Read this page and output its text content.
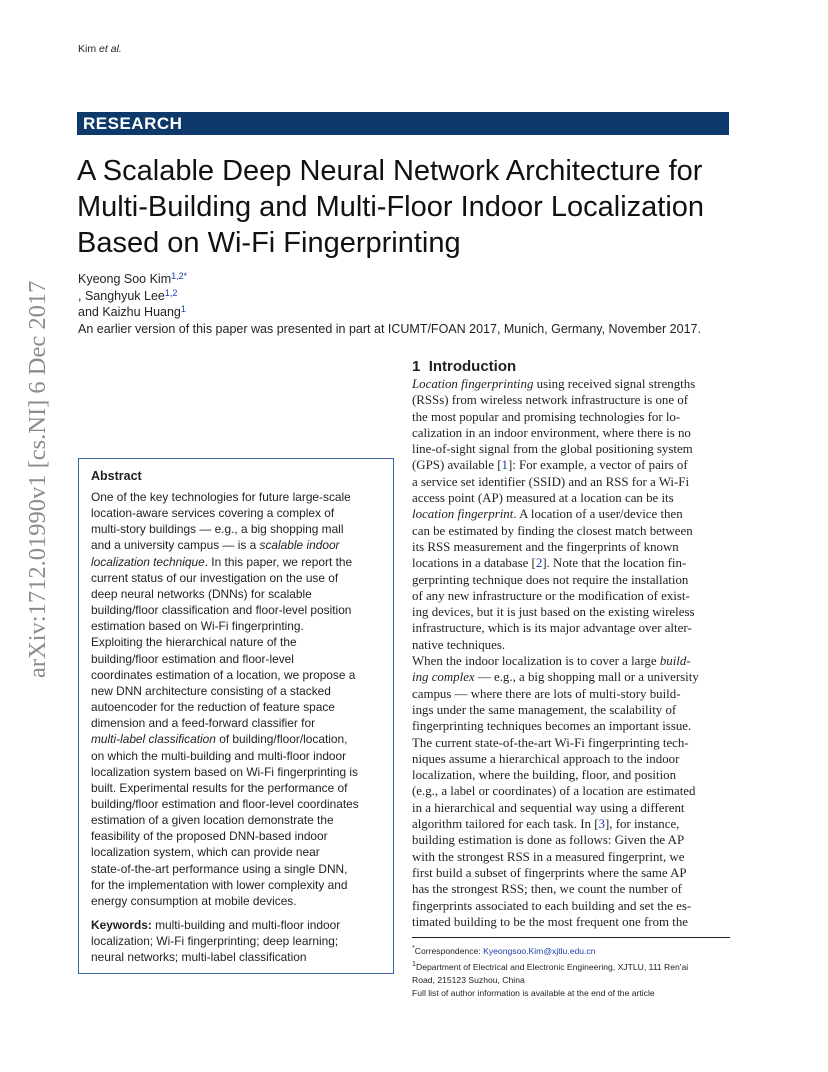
Kim et al.
RESEARCH
A Scalable Deep Neural Network Architecture for
Multi-Building and Multi-Floor Indoor Localization
Based on Wi-Fi Fingerprinting
Kyeong Soo Kim$^{1,2*}$
, Sanghyuk Lee$^{1,2}$
and Kaizhu Huang$^1$
An earlier version of this paper was presented in part at ICUMT/FOAN 2017, Munich, Germany, November 2017.
arXiv:1712.01990v1 [cs.NI] 6 Dec 2017	Abstract
One of the key technologies for future large-scale
location-aware services covering a complex of
multi-story buildings — e.g., a big shopping mall
and a university campus — is a scalable indoor
localization technique. In this paper, we report the
current status of our investigation on the use of
deep neural networks (DNNs) for scalable
building/floor classification and floor-level position
estimation based on Wi-Fi fingerprinting.
Exploiting the hierarchical nature of the
building/floor estimation and floor-level
coordinates estimation of a location, we propose a
new DNN architecture consisting of a stacked
autoencoder for the reduction of feature space
dimension and a feed-forward classifier for
multi-label classification of building/floor/location,
on which the multi-building and multi-floor indoor
localization system based on Wi-Fi fingerprinting is
built. Experimental results for the performance of
building/floor estimation and floor-level coordinates
estimation of a given location demonstrate the
feasibility of the proposed DNN-based indoor
localization system, which can provide near
state-of-the-art performance using a single DNN,
for the implementation with lower complexity and
energy consumption at mobile devices.
Keywords: multi-building and multi-floor indoor
localization; Wi-Fi fingerprinting; deep learning;
neural networks; multi-label classification
1 Introduction
Location fingerprinting using received signal strengths
(RSSs) from wireless network infrastructure is one of
the most popular and promising technologies for lo-
calization in an indoor environment, where there is no
line-of-sight signal from the global positioning system
(GPS) available [1]: For example, a vector of pairs of
a service set identifier (SSID) and an RSS for a Wi-Fi
access point (AP) measured at a location can be its
location fingerprint. A location of a user/device then
can be estimated by finding the closest match between
its RSS measurement and the fingerprints of known
locations in a database [2]. Note that the location fin-
gerprinting technique does not require the installation
of any new infrastructure or the modification of exist-
ing devices, but it is just based on the existing wireless
infrastructure, which is its major advantage over alter-
native techniques.
When the indoor localization is to cover a large build-
ing complex — e.g., a big shopping mall or a university
campus — where there are lots of multi-story build-
ings under the same management, the scalability of
fingerprinting techniques becomes an important issue.
The current state-of-the-art Wi-Fi fingerprinting tech-
niques assume a hierarchical approach to the indoor
localization, where the building, floor, and position
(e.g., a label or coordinates) of a location are estimated
in a hierarchical and sequential way using a different
algorithm tailored for each task. In [3], for instance,
building estimation is done as follows: Given the AP
with the strongest RSS in a measured fingerprint, we
first build a subset of fingerprints where the same AP
has the strongest RSS; then, we count the number of
fingerprints associated to each building and set the es-
timated building to be the most frequent one from the
*Correspondence: Kyeongsoo.Kim@xjtlu.edu.cn
$^1$Department of Electrical and Electronic Engineering, XJTLU, 111 Ren'ai
Road, 215123 Suzhou, China
Full list of author information is available at the end of the article
